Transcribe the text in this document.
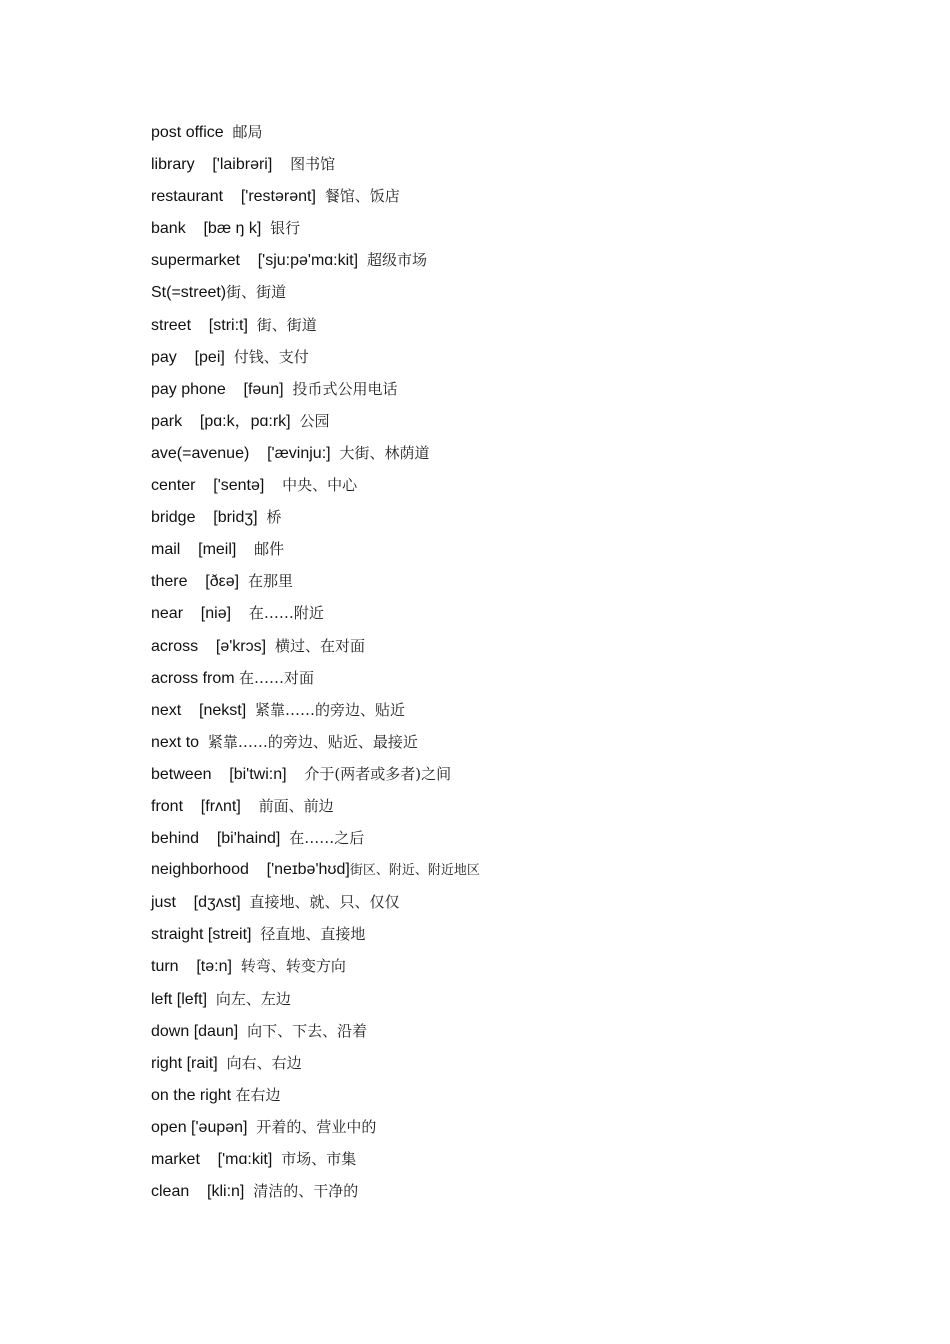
post office  邮局
library    ['laibrəri]    图书馆
restaurant    ['restərənt]  餐馆、饭店
bank    [bæ ŋ k]  银行
supermarket    ['sju:pə'mɑ:kit]  超级市场
St(=street)街、街道
street    [stri:t]  街、街道
pay    [pei]  付钱、支付
pay phone    [fəun]  投币式公用电话
park    [pɑ:k，pɑ:rk]  公园
ave(=avenue)    ['ævinju:]  大街、林荫道
center    ['sentə]    中央、中心
bridge    [bridʒ]  桥
mail    [meil]    邮件
there    [ðεə]  在那里
near    [niə]    在……附近
across    [ə'krɔs]  横过、在对面
across from 在……对面
next    [nekst]  紧靠……的旁边、贴近
next to  紧靠……的旁边、贴近、最接近
between    [bi'twi:n]    介于(两者或多者)之间
front    [frʌnt]    前面、前边
behind    [bi'haind]  在……之后
neighborhood    ['neɪbə'hʊd]街区、附近、附近地区
just    [dʒʌst]  直接地、就、只、仅仅
straight [streit]  径直地、直接地
turn    [tə:n]  转弯、转变方向
left [left]  向左、左边
down [daun]  向下、下去、沿着
right [rait]  向右、右边
on the right 在右边
open ['əupən]  开着的、营业中的
market    ['mɑ:kit]  市场、市集
clean    [kli:n]  清洁的、干净的
